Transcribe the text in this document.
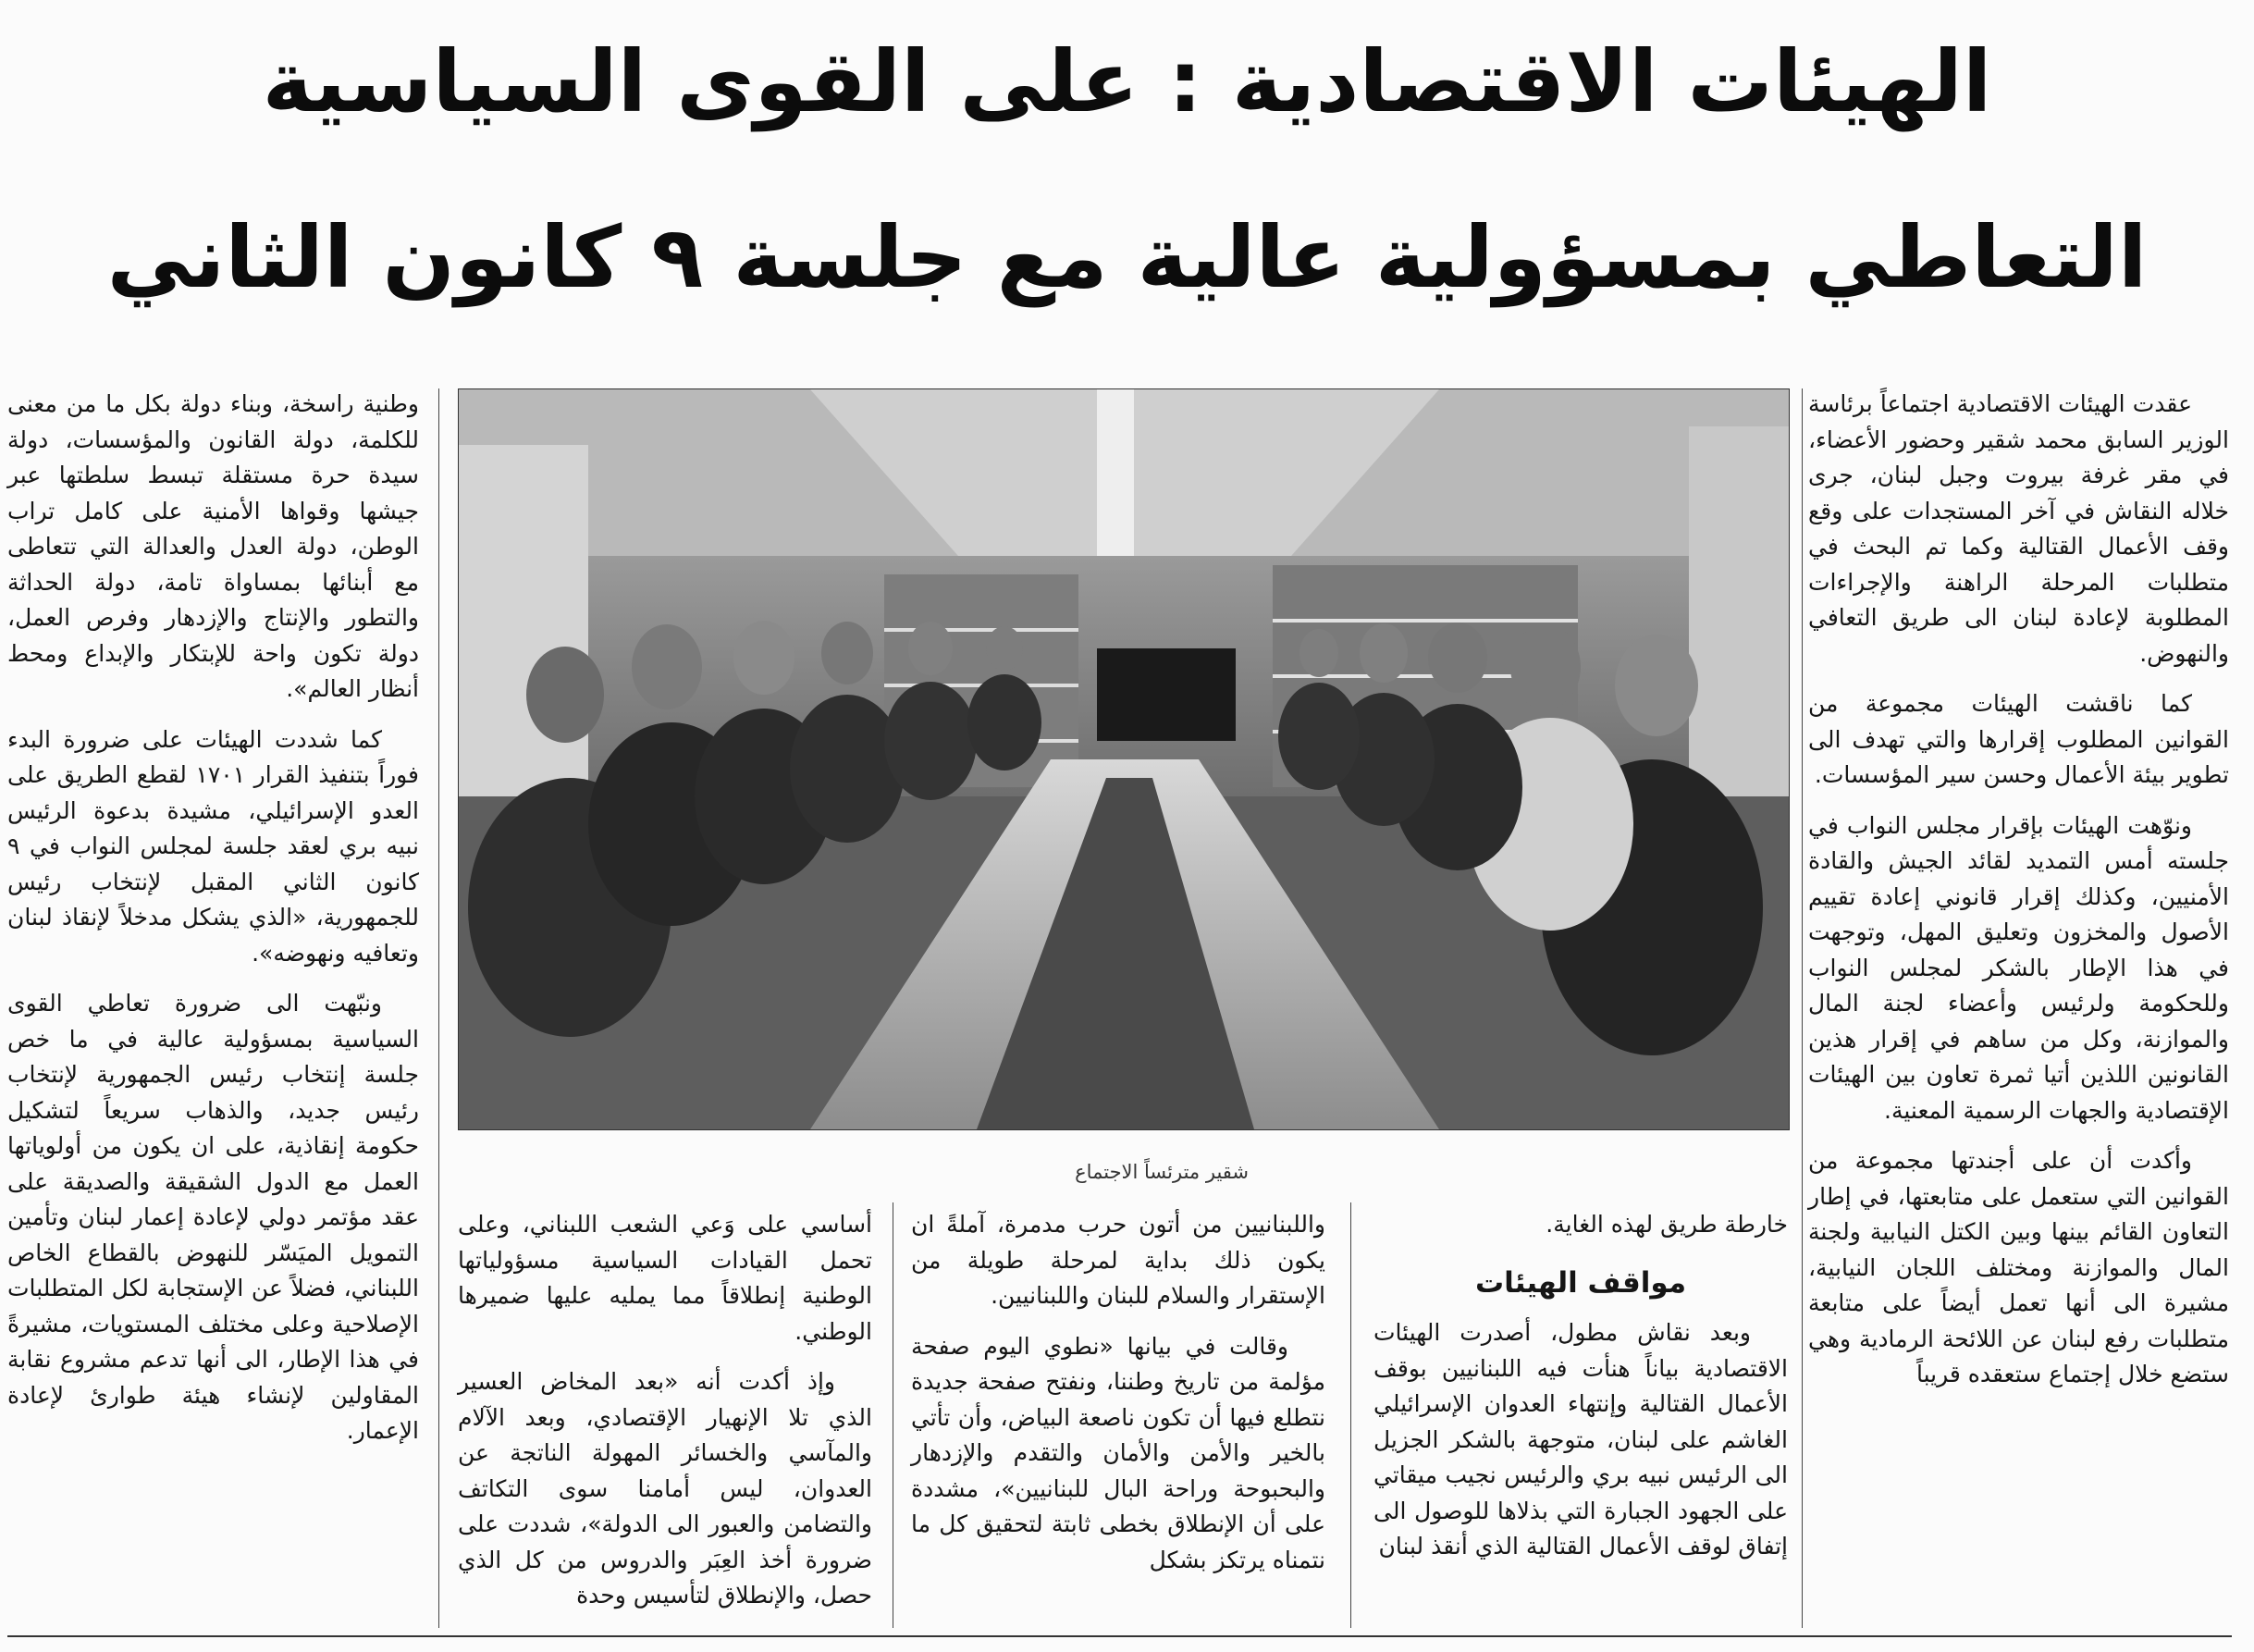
الهيئات الاقتصادية : على القوى السياسية
التعاطي بمسؤولية عالية مع جلسة ٩ كانون الثاني

عقدت الهيئات الاقتصادية اجتماعاً برئاسة الوزير السابق محمد شقير وحضور الأعضاء، في مقر غرفة بيروت وجبل لبنان، جرى خلاله النقاش في آخر المستجدات على وقع وقف الأعمال القتالية وكما تم البحث في متطلبات المرحلة الراهنة والإجراءات المطلوبة لإعادة لبنان الى طريق التعافي والنهوض.

كما ناقشت الهيئات مجموعة من القوانين المطلوب إقرارها والتي تهدف الى تطوير بيئة الأعمال وحسن سير المؤسسات.

ونوّهت الهيئات بإقرار مجلس النواب في جلسته أمس التمديد لقائد الجيش والقادة الأمنيين، وكذلك إقرار قانوني إعادة تقييم الأصول والمخزون وتعليق المهل، وتوجهت في هذا الإطار بالشكر لمجلس النواب وللحكومة ولرئيس وأعضاء لجنة المال والموازنة، وكل من ساهم في إقرار هذين القانونين اللذين أتيا ثمرة تعاون بين الهيئات الإقتصادية والجهات الرسمية المعنية.

وأكدت أن على أجندتها مجموعة من القوانين التي ستعمل على متابعتها، في إطار التعاون القائم بينها وبين الكتل النيابية ولجنة المال والموازنة ومختلف اللجان النيابية، مشيرة الى أنها تعمل أيضاً على متابعة متطلبات رفع لبنان عن اللائحة الرمادية وهي ستضع خلال إجتماع ستعقده قريباً

شقير مترئساً الاجتماع

خارطة طريق لهذه الغاية.

مواقف الهيئات

وبعد نقاش مطول، أصدرت الهيئات الاقتصادية بياناً هنأت فيه اللبنانيين بوقف الأعمال القتالية وإنتهاء العدوان الإسرائيلي الغاشم على لبنان، متوجهة بالشكر الجزيل الى الرئيس نبيه بري والرئيس نجيب ميقاتي على الجهود الجبارة التي بذلاها للوصول الى إتفاق لوقف الأعمال القتالية الذي أنقذ لبنان

واللبنانيين من أتون حرب مدمرة، آملةً ان يكون ذلك بداية لمرحلة طويلة من الإستقرار والسلام للبنان واللبنانيين.

وقالت في بيانها «نطوي اليوم صفحة مؤلمة من تاريخ وطننا، ونفتح صفحة جديدة نتطلع فيها أن تكون ناصعة البياض، وأن تأتي بالخير والأمن والأمان والتقدم والإزدهار والبحبوحة وراحة البال للبنانيين»، مشددة على أن الإنطلاق بخطى ثابتة لتحقيق كل ما نتمناه يرتكز بشكل

أساسي على وَعي الشعب اللبناني، وعلى تحمل القيادات السياسية مسؤولياتها الوطنية إنطلاقاً مما يمليه عليها ضميرها الوطني.

وإذ أكدت أنه «بعد المخاض العسير الذي تلا الإنهيار الإقتصادي، وبعد الآلام والمآسي والخسائر المهولة الناتجة عن العدوان، ليس أمامنا سوى التكاتف والتضامن والعبور الى الدولة»، شددت على ضرورة أخذ العِبَر والدروس من كل الذي حصل، والإنطلاق لتأسيس وحدة

وطنية راسخة، وبناء دولة بكل ما من معنى للكلمة، دولة القانون والمؤسسات، دولة سيدة حرة مستقلة تبسط سلطتها عبر جيشها وقواها الأمنية على كامل تراب الوطن، دولة العدل والعدالة التي تتعاطى مع أبنائها بمساواة تامة، دولة الحداثة والتطور والإنتاج والإزدهار وفرص العمل، دولة تكون واحة للإبتكار والإبداع ومحط أنظار العالم».

كما شددت الهيئات على ضرورة البدء فوراً بتنفيذ القرار ١٧٠١ لقطع الطريق على العدو الإسرائيلي، مشيدة بدعوة الرئيس نبيه بري لعقد جلسة لمجلس النواب في ٩ كانون الثاني المقبل لإنتخاب رئيس للجمهورية، «الذي يشكل مدخلاً لإنقاذ لبنان وتعافيه ونهوضه».

ونبّهت الى ضرورة تعاطي القوى السياسية بمسؤولية عالية في ما خص جلسة إنتخاب رئيس الجمهورية لإنتخاب رئيس جديد، والذهاب سريعاً لتشكيل حكومة إنقاذية، على ان يكون من أولوياتها العمل مع الدول الشقيقة والصديقة على عقد مؤتمر دولي لإعادة إعمار لبنان وتأمين التمويل الميَسّر للنهوض بالقطاع الخاص اللبناني، فضلاً عن الإستجابة لكل المتطلبات الإصلاحية وعلى مختلف المستويات، مشيرةً في هذا الإطار، الى أنها تدعم مشروع نقابة المقاولين لإنشاء هيئة طوارئ لإعادة الإعمار.
